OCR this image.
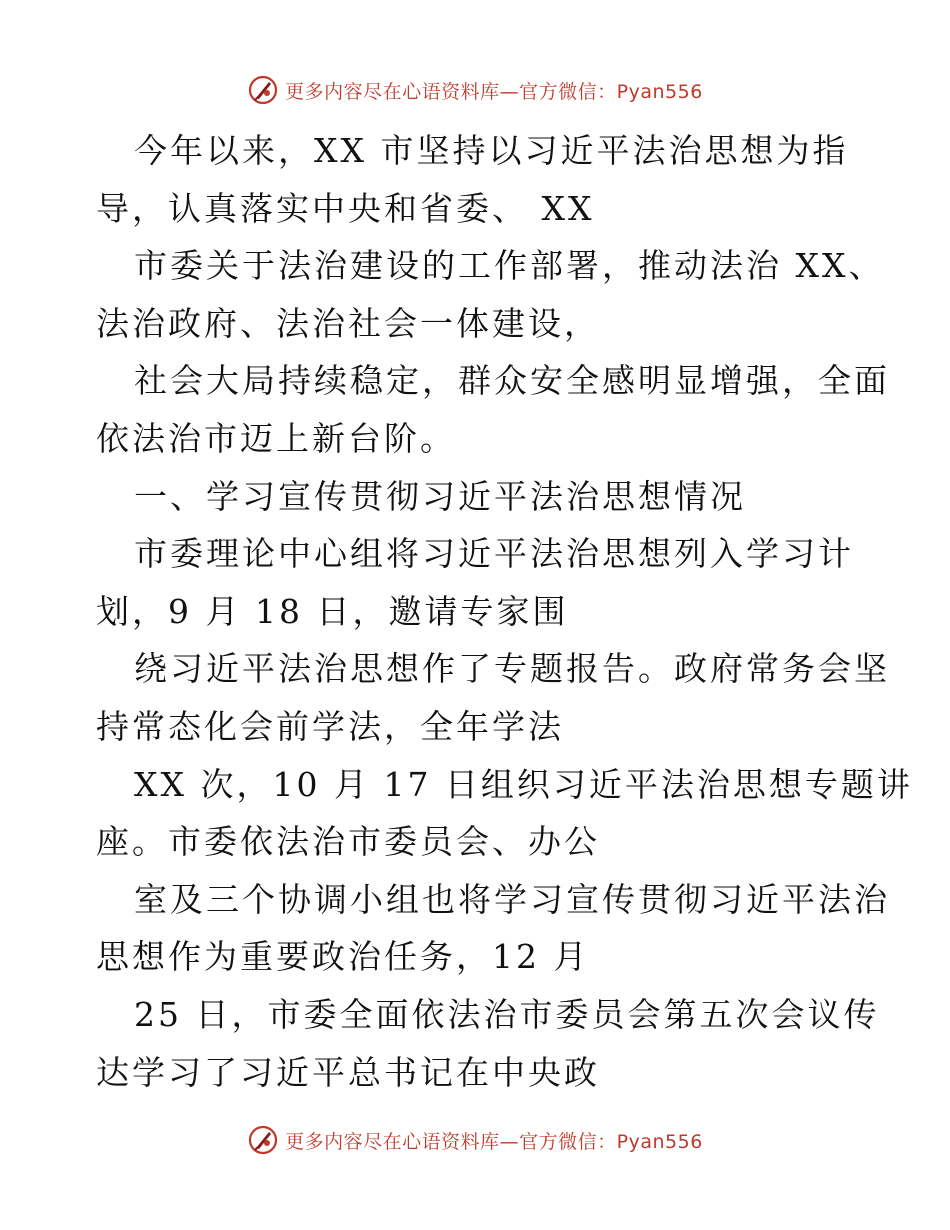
更多内容尽在心语资料库—官方微信：Pyan556
今年以来，XX 市坚持以习近平法治思想为指
导，认真落实中央和省委、 XX
市委关于法治建设的工作部署，推动法治 XX、
法治政府、法治社会一体建设，
社会大局持续稳定，群众安全感明显增强，全面
依法治市迈上新台阶。
一、学习宣传贯彻习近平法治思想情况
市委理论中心组将习近平法治思想列入学习计
划，9 月 18 日，邀请专家围
绕习近平法治思想作了专题报告。政府常务会坚
持常态化会前学法，全年学法
XX 次，10 月 17 日组织习近平法治思想专题讲
座。市委依法治市委员会、办公
室及三个协调小组也将学习宣传贯彻习近平法治
思想作为重要政治任务，12 月
25 日，市委全面依法治市委员会第五次会议传
达学习了习近平总书记在中央政
更多内容尽在心语资料库—官方微信：Pyan556
